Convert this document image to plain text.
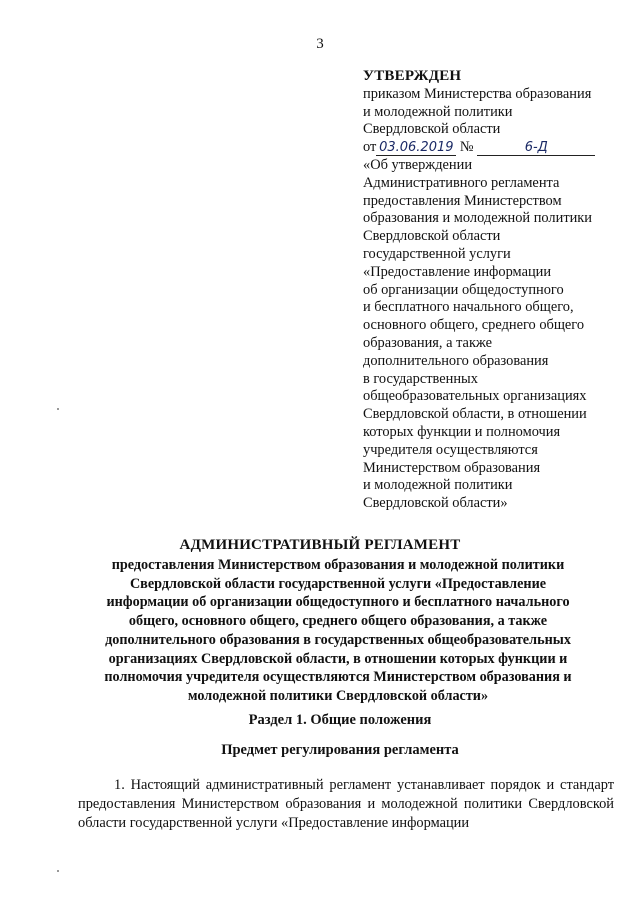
3
УТВЕРЖДЕН
приказом Министерства образования
и молодежной политики
Свердловской области
от 03.06.2019 №	6-Д
«Об утверждении
Административного регламента
предоставления Министерством
образования и молодежной политики
Свердловской области
государственной услуги
«Предоставление информации
об организации общедоступного
и бесплатного начального общего,
основного общего, среднего общего
образования, а также
дополнительного образования
в государственных
общеобразовательных организациях
Свердловской области, в отношении
которых функции и полномочия
учредителя осуществляются
Министерством образования
и молодежной политики
Свердловской области»
АДМИНИСТРАТИВНЫЙ РЕГЛАМЕНТ
предоставления Министерством образования и молодежной политики Свердловской области государственной услуги «Предоставление информации об организации общедоступного и бесплатного начального общего, основного общего, среднего общего образования, а также дополнительного образования в государственных общеобразовательных организациях Свердловской области, в отношении которых функции и полномочия учредителя осуществляются Министерством образования и молодежной политики Свердловской области»
Раздел 1. Общие положения
Предмет регулирования регламента
1. Настоящий административный регламент устанавливает порядок и стандарт предоставления Министерством образования и молодежной политики Свердловской области государственной услуги «Предоставление информации
